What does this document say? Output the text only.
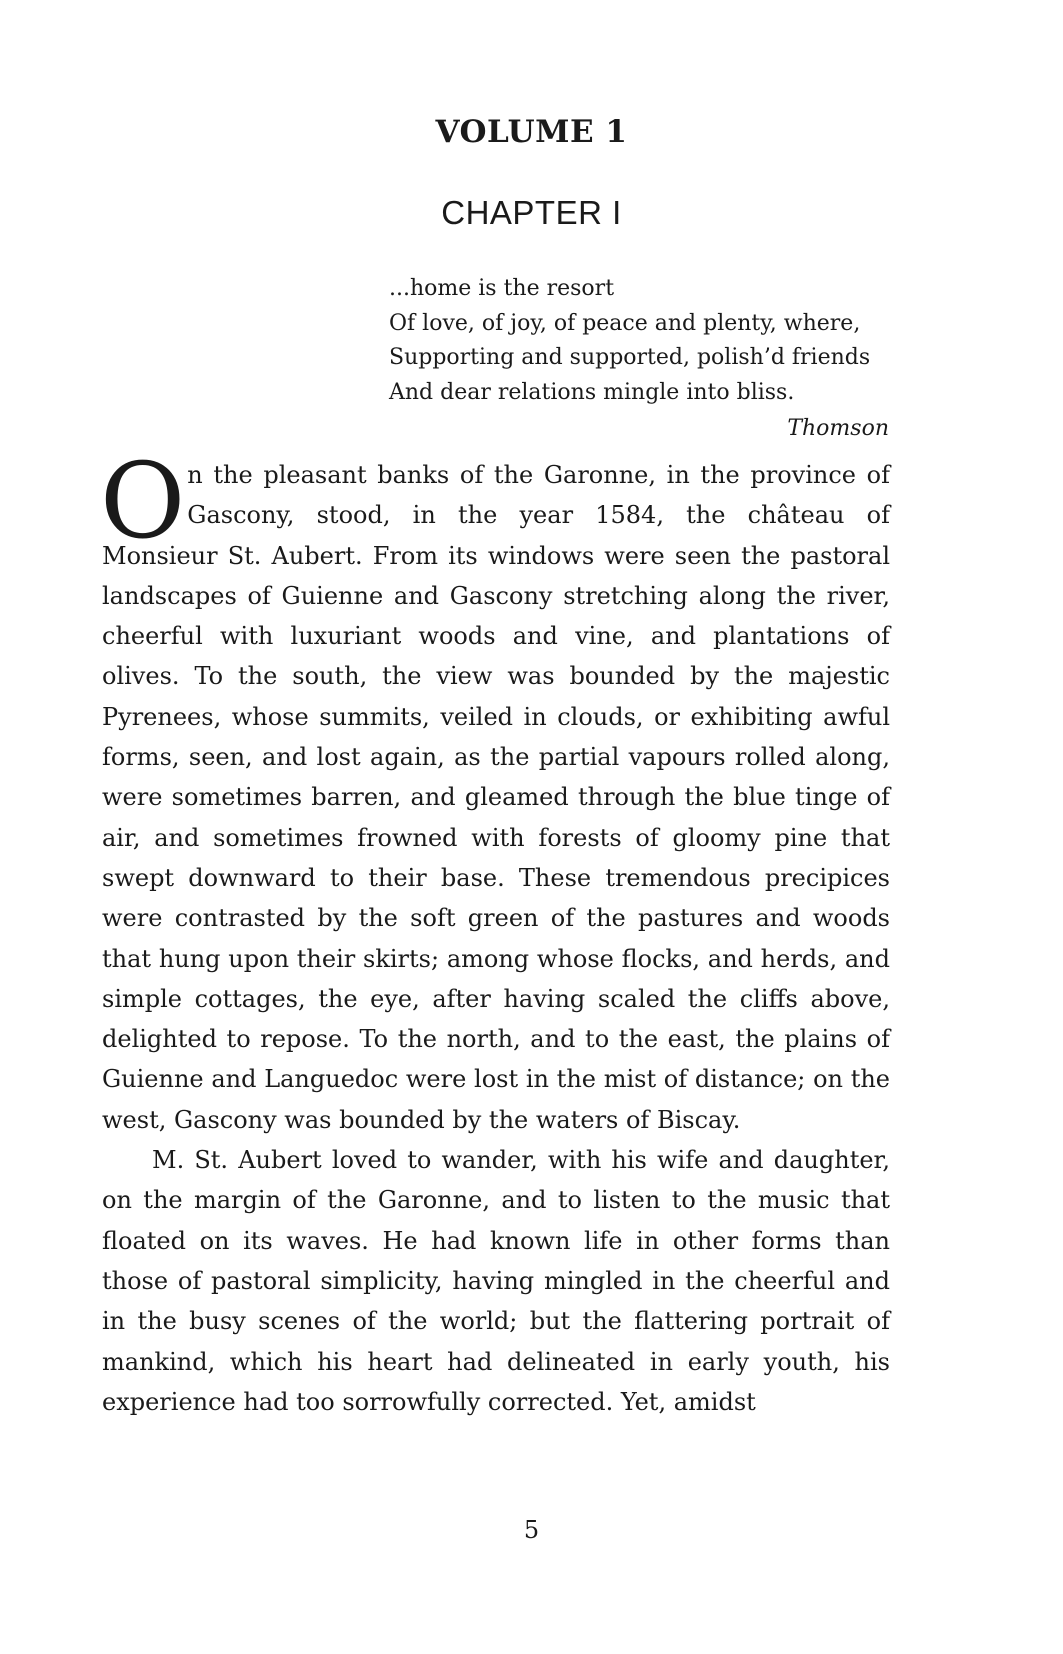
VOLUME 1
CHAPTER I
...home is the resort
Of love, of joy, of peace and plenty, where,
Supporting and supported, polish’d friends
And dear relations mingle into bliss.
Thomson

On the pleasant banks of the Garonne, in the province of Gascony, stood, in the year 1584, the château of Monsieur St. Aubert. From its windows were seen the pastoral landscapes of Guienne and Gascony stretching along the river, cheerful with luxuriant woods and vine, and plantations of olives. To the south, the view was bounded by the majestic Pyrenees, whose summits, veiled in clouds, or exhibiting awful forms, seen, and lost again, as the partial vapours rolled along, were sometimes barren, and gleamed through the blue tinge of air, and sometimes frowned with forests of gloomy pine that swept downward to their base. These tremendous precipices were contrasted by the soft green of the pastures and woods that hung upon their skirts; among whose flocks, and herds, and simple cottages, the eye, after having scaled the cliffs above, delighted to repose. To the north, and to the east, the plains of Guienne and Languedoc were lost in the mist of distance; on the west, Gascony was bounded by the waters of Biscay.

M. St. Aubert loved to wander, with his wife and daughter, on the margin of the Garonne, and to listen to the music that floated on its waves. He had known life in other forms than those of pastoral simplicity, having mingled in the cheerful and in the busy scenes of the world; but the flattering portrait of mankind, which his heart had delineated in early youth, his experience had too sorrowfully corrected. Yet, amidst

5
